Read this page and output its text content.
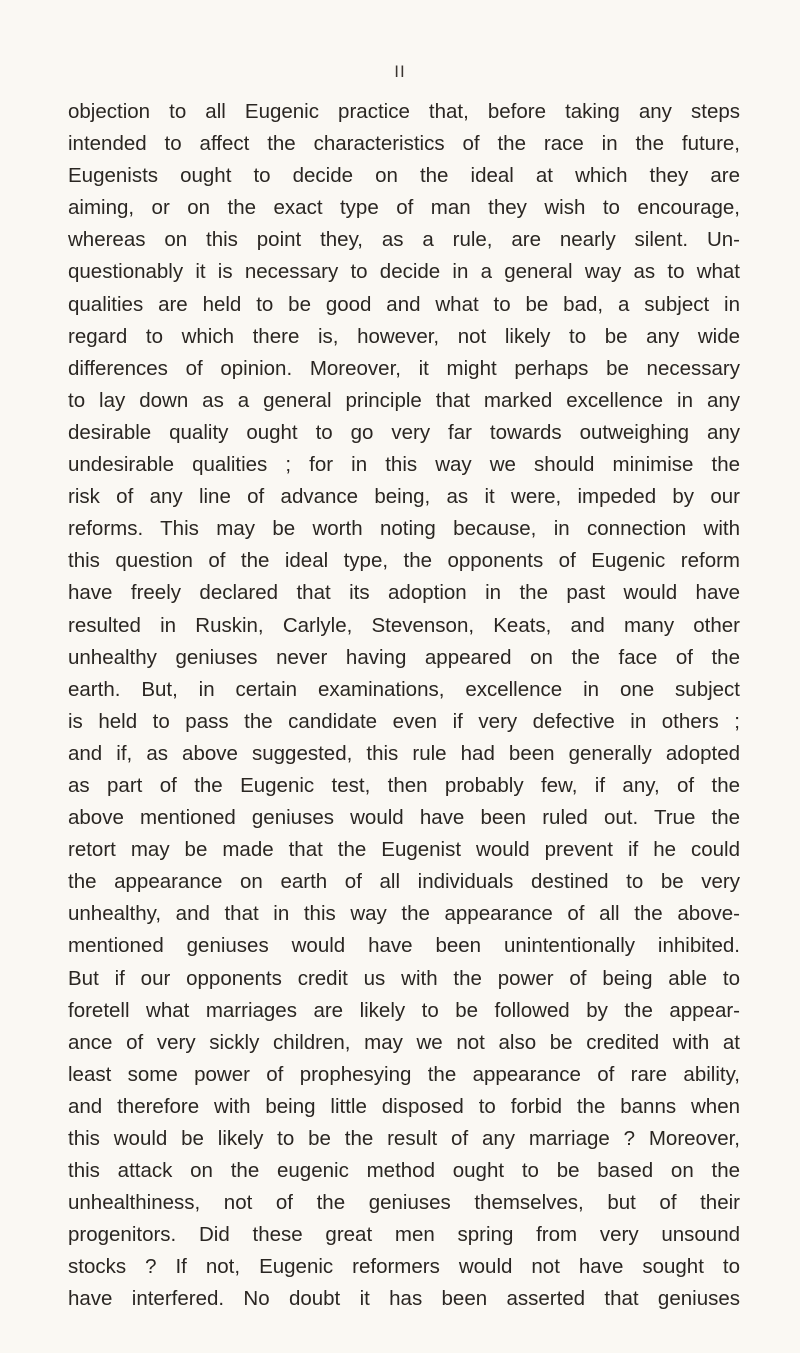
II
objection to all Eugenic practice that, before taking any steps
intended to affect the characteristics of the race in the future,
Eugenists ought to decide on the ideal at which they are
aiming, or on the exact type of man they wish to encourage,
whereas on this point they, as a rule, are nearly silent. Un-
questionably it is necessary to decide in a general way as to what
qualities are held to be good and what to be bad, a subject in
regard to which there is, however, not likely to be any wide
differences of opinion. Moreover, it might perhaps be necessary
to lay down as a general principle that marked excellence in any
desirable quality ought to go very far towards outweighing any
undesirable qualities ; for in this way we should minimise the
risk of any line of advance being, as it were, impeded by our
reforms. This may be worth noting because, in connection with
this question of the ideal type, the opponents of Eugenic reform
have freely declared that its adoption in the past would have
resulted in Ruskin, Carlyle, Stevenson, Keats, and many other
unhealthy geniuses never having appeared on the face of the
earth. But, in certain examinations, excellence in one subject
is held to pass the candidate even if very defective in others ;
and if, as above suggested, this rule had been generally adopted
as part of the Eugenic test, then probably few, if any, of the
above mentioned geniuses would have been ruled out. True the
retort may be made that the Eugenist would prevent if he could
the appearance on earth of all individuals destined to be very
unhealthy, and that in this way the appearance of all the above-
mentioned geniuses would have been unintentionally inhibited.
But if our opponents credit us with the power of being able to
foretell what marriages are likely to be followed by the appear-
ance of very sickly children, may we not also be credited with at
least some power of prophesying the appearance of rare ability,
and therefore with being little disposed to forbid the banns when
this would be likely to be the result of any marriage ? Moreover,
this attack on the eugenic method ought to be based on the
unhealthiness, not of the geniuses themselves, but of their
progenitors. Did these great men spring from very unsound
stocks ? If not, Eugenic reformers would not have sought to
have interfered. No doubt it has been asserted that geniuses
